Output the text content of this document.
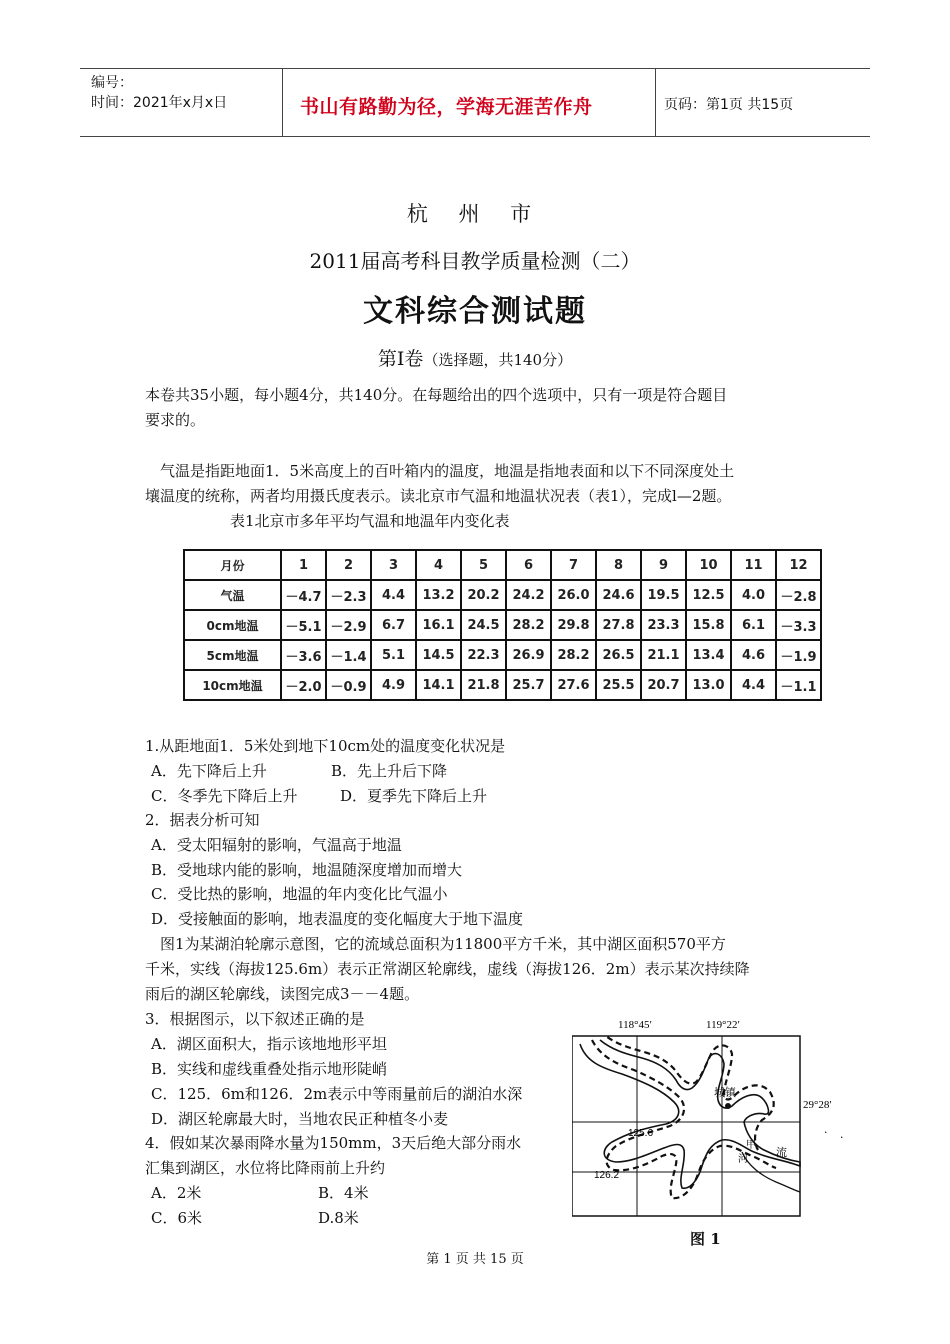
编号：
时间：2021年x月x日	书山有路勤为径，学海无涯苦作舟	页码：第1页 共15页
杭 州 市
2011届高考科目教学质量检测（二）
文科综合测试题
第Ⅰ卷（选择题，共140分）
本卷共35小题，每小题4分，共140分。在每题给出的四个选项中，只有一项是符合题目
要求的。
气温是指距地面1．5米高度上的百叶箱内的温度，地温是指地表面和以下不同深度处土
壤温度的统称，两者均用摄氏度表示。读北京市气温和地温状况表（表1），完成l—2题。
表1北京市多年平均气温和地温年内变化表
月份	1	2	3	4	5	6	7	8	9	10	11	12
气温	－4.7	－2.3	4.4	13.2	20.2	24.2	26.0	24.6	19.5	12.5	4.0	－2.8
0cm地温	－5.1	－2.9	6.7	16.1	24.5	28.2	29.8	27.8	23.3	15.8	6.1	－3.3
5cm地温	－3.6	－1.4	5.1	14.5	22.3	26.9	28.2	26.5	21.1	13.4	4.6	－1.9
10cm地温	－2.0	－0.9	4.9	14.1	21.8	25.7	27.6	25.5	20.7	13.0	4.4	－1.1
1.从距地面1．5米处到地下10cm处的温度变化状况是
A．先下降后上升	B．先上升后下降
C．冬季先下降后上升	D．夏季先下降后上升
2．据表分析可知
A．受太阳辐射的影响，气温高于地温
B．受地球内能的影响，地温随深度增加而增大
C．受比热的影响，地温的年内变化比气温小
D．受接触面的影响，地表温度的变化幅度大于地下温度
图1为某湖泊轮廓示意图，它的流域总面积为11800平方千米，其中湖区面积570平方
千米，实线（海拔125.6m）表示正常湖区轮廓线，虚线（海拔126．2m）表示某次持续降
雨后的湖区轮廓线，读图完成3－－4题。
3．根据图示，以下叙述正确的是
A．湖区面积大，指示该地地形平坦
B．实线和虚线重叠处指示地形陡峭
C．125．6m和126．2m表示中等雨量前后的湖泊水深
D．湖区轮廓最大时，当地农民正种植冬小麦
4．假如某次暴雨降水量为150mm，3天后绝大部分雨水
汇集到湖区，水位将比降雨前上升约
A．2米	B．4米
C．6米	D.8米
118°45′	119°22′
29°28′
· ·
城镇
甲
河
流
125.6
126.2
图 1
第 1 页 共 15 页
